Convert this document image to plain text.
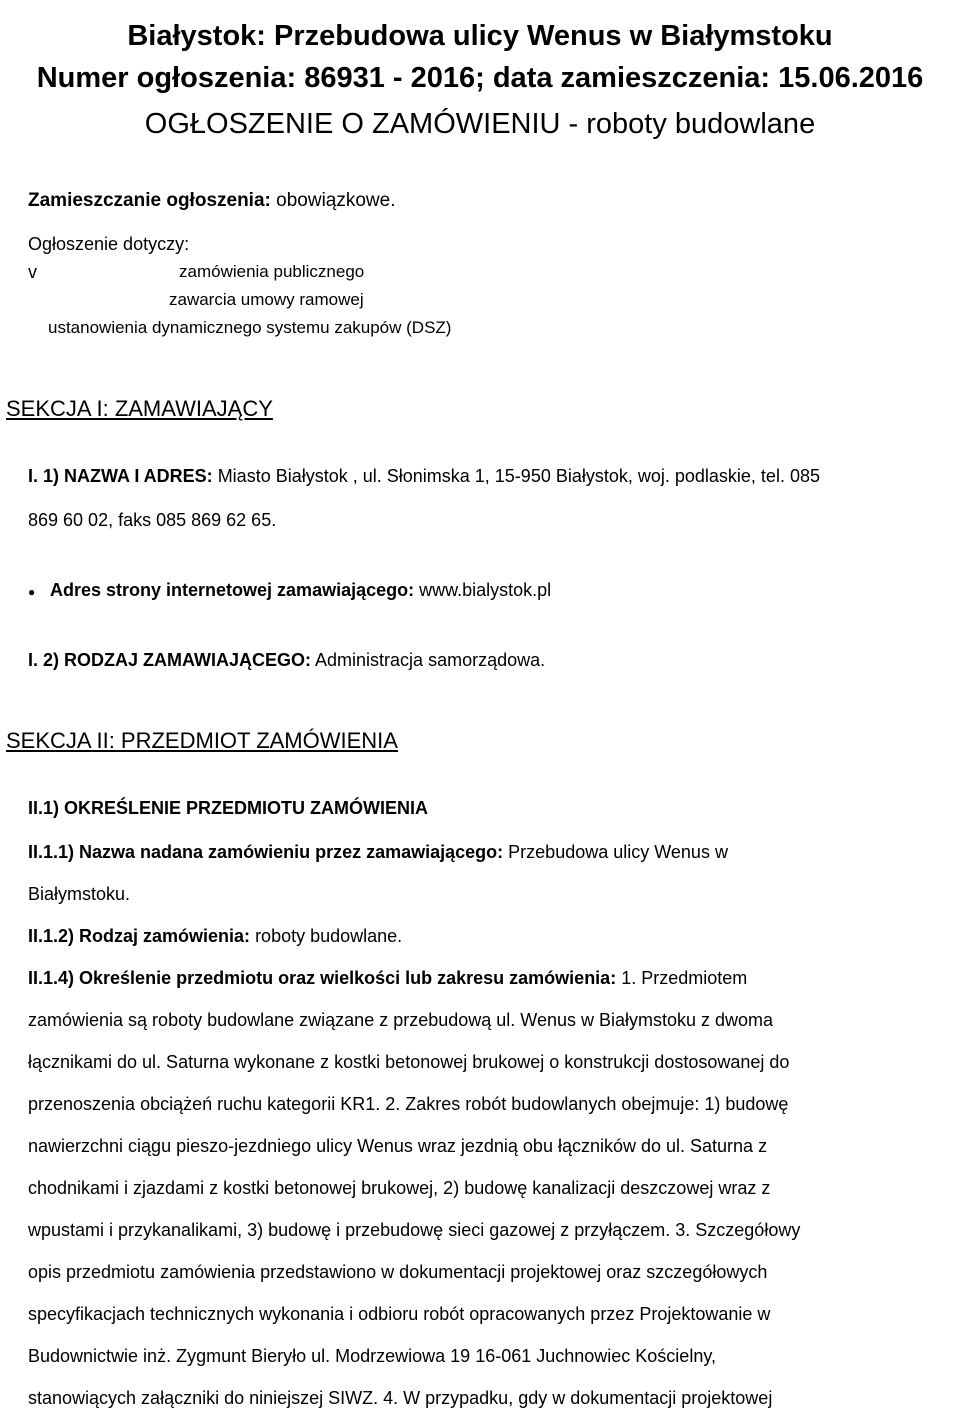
Białystok: Przebudowa ulicy Wenus w Białymstoku
Numer ogłoszenia: 86931 - 2016; data zamieszczenia: 15.06.2016
OGŁOSZENIE O ZAMÓWIENIU - roboty budowlane
Zamieszczanie ogłoszenia: obowiązkowe.
Ogłoszenie dotyczy:
v	zamówienia publicznego
zawarcia umowy ramowej
ustanowienia dynamicznego systemu zakupów (DSZ)
SEKCJA I: ZAMAWIAJĄCY
I. 1) NAZWA I ADRES: Miasto Białystok , ul. Słonimska 1, 15-950 Białystok, woj. podlaskie, tel. 085
869 60 02, faks 085 869 62 65.
● Adres strony internetowej zamawiającego: www.bialystok.pl
I. 2) RODZAJ ZAMAWIAJĄCEGO: Administracja samorządowa.
SEKCJA II: PRZEDMIOT ZAMÓWIENIA
II.1) OKREŚLENIE PRZEDMIOTU ZAMÓWIENIA
II.1.1) Nazwa nadana zamówieniu przez zamawiającego: Przebudowa ulicy Wenus w
Białymstoku.
II.1.2) Rodzaj zamówienia: roboty budowlane.
II.1.4) Określenie przedmiotu oraz wielkości lub zakresu zamówienia: 1. Przedmiotem
zamówienia są roboty budowlane związane z przebudową ul. Wenus w Białymstoku z dwoma
łącznikami do ul. Saturna wykonane z kostki betonowej brukowej o konstrukcji dostosowanej do
przenoszenia obciążeń ruchu kategorii KR1. 2. Zakres robót budowlanych obejmuje: 1) budowę
nawierzchni ciągu pieszo-jezdniego ulicy Wenus wraz jezdnią obu łączników do ul. Saturna z
chodnikami i zjazdami z kostki betonowej brukowej, 2) budowę kanalizacji deszczowej wraz z
wpustami i przykanalikami, 3) budowę i przebudowę sieci gazowej z przyłączem. 3. Szczegółowy
opis przedmiotu zamówienia przedstawiono w dokumentacji projektowej oraz szczegółowych
specyfikacjach technicznych wykonania i odbioru robót opracowanych przez Projektowanie w
Budownictwie inż. Zygmunt Bieryło ul. Modrzewiowa 19 16-061 Juchnowiec Kościelny,
stanowiących załączniki do niniejszej SIWZ. 4. W przypadku, gdy w dokumentacji projektowej
